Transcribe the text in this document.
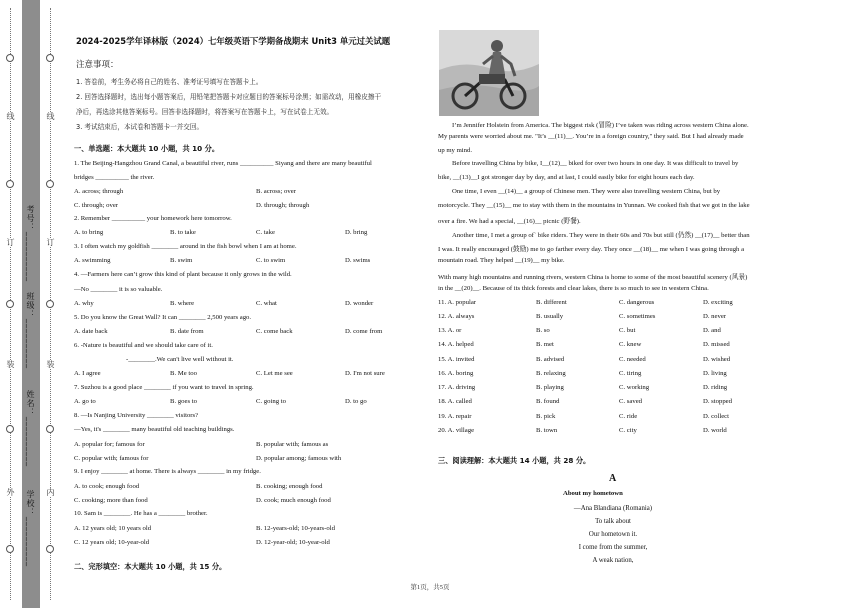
线
订
装
外
考号：__________
班级：__________
姓名：__________
学校：__________
线
订
装
内
2024-2025学年译林版（2024）七年级英语下学期备战期末 Unit3 单元过关试题
注意事项：
1. 答卷前，考生务必将自己的姓名、准考证号填写在答题卡上。
2. 回答选择题时，选出每小题答案后，用铅笔把答题卡对应题目的答案标号涂黑；如需改动，用橡皮擦干
净后，再选涂其他答案标号。回答非选择题时，将答案写在答题卡上，写在试卷上无效。
3. 考试结束后，本试卷和答题卡一并交回。
一、单选题：本大题共 10 小题，共 10 分。
1. The Beijing-Hangzhou Grand Canal, a beautiful river, runs __________ Siyang and there are many beautiful
bridges __________ the river.
A. across; through	B. across; over
C. through; over	D. through; through
2. Remember __________ your homework here tomorrow.
A. to bring	B. to take	C. take	D. bring
3. I often watch my goldfish ________ around in the fish bowl when I am at home.
A. swimming	B. swim	C. to swim	D. swims
4. —Farmers here can’t grow this kind of plant because it only grows in the wild.
—No ________ it is so valuable.
A. why	B. where	C. what	D. wonder
5. Do you know the Great Wall? It can ________ 2,500 years ago.
A. date back	B. date from	C. come back	D. come from
6. -Nature is beautiful and we should take care of it.
-________.We can't live well without it.
A. I agree	B. Me too	C. Let me see	D. I'm not sure
7. Suzhou is a good place ________ if you want to travel in spring.
A. go to	B. goes to	C. going to	D. to go
8. —Is Nanjing University ________ visitors?
—Yes, it's ________ many beautiful old teaching buildings.
A. popular for; famous for	B. popular with; famous as
C. popular with; famous for	D. popular among; famous with
9. I enjoy ________ at home. There is always ________ in my fridge.
A. to cook; enough food	B. cooking; enough food
C. cooking; more than food	D. cook; much enough food
10. Sam is ________. He has a ________ brother.
A. 12 years old; 10 years old	B. 12-years-old; 10-years-old
C. 12 years old; 10-year-old	D. 12-year-old; 10-year-old
二、完形填空：本大题共 10 小题，共 15 分。
I’m Jennifer Holstein from America. The biggest risk (冒险) I’ve taken was riding across western China alone.
My parents were worried about me. "It’s __(11)__. You’re in a foreign country," they said. But I had already made
up my mind.
Before travelling China by bike, I__(12)__ biked for over two hours in one day. It was difficult to travel by
bike, __(13)__I got stronger day by day, and at last, I could easily bike for eight hours each day.
One time, I even __(14)__ a group of Chinese men. They were also travelling western China, but by
motorcycle. They __(15)__ me to stay with them in the mountains in Yunnan. We cooked fish that we got in the lake
over a fire. We had a special, __(16)__ picnic (野餐).
Another time, I met a group of` bike riders. They were in their 60s and 70s but still (仍然) __(17)__ better than
I was. It really encouraged (鼓励) me to go farther every day. They once __(18)__ me when I was going through a
mountain road. They helped __(19)__ my bike.
With many high mountains and running rivers, western China is home to some of the most beautiful scenery (风景)
in the __(20)__. Because of its thick forests and clear lakes, there is so much to see in western China.
11. A. popular	B. different	C. dangerous	D. exciting
12. A. always	B. usually	C. sometimes	D. never
13. A. or	B. so	C. but	D. and
14. A. helped	B. met	C. knew	D. missed
15. A. invited	B. advised	C. needed	D. wished
16. A. boring	B. relaxing	C. tiring	D. living
17. A. driving	B. playing	C. working	D. riding
18. A. called	B. found	C. saved	D. stopped
19. A. repair	B. pick	C. ride	D. collect
20. A. village	B. town	C. city	D. world
三、阅读理解：本大题共 14 小题，共 28 分。
A
About my hometown
—Ana Blandiana (Romania)
To talk about
Our hometown it.
I come from the summer,
A weak nation,
第1页，共5页
